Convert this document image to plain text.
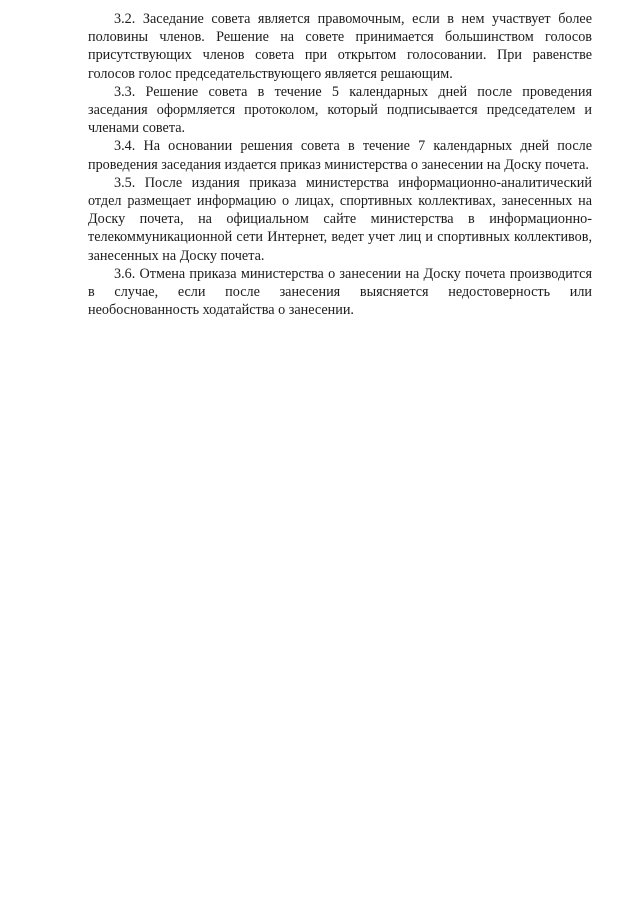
3.2. Заседание совета является правомочным, если в нем участвует более половины членов. Решение на совете принимается большинством голосов присутствующих членов совета при открытом голосовании. При равенстве голосов голос председательствующего является решающим.

3.3. Решение совета в течение 5 календарных дней после проведения заседания оформляется протоколом, который подписывается председателем и членами совета.

3.4. На основании решения совета в течение 7 календарных дней после проведения заседания издается приказ министерства о занесении на Доску почета.

3.5. После издания приказа министерства информационно-аналитический отдел размещает информацию о лицах, спортивных коллективах, занесенных на Доску почета, на официальном сайте министерства в информационно-телекоммуникационной сети Интернет, ведет учет лиц и спортивных коллективов, занесенных на Доску почета.

3.6. Отмена приказа министерства о занесении на Доску почета производится в случае, если после занесения выясняется недостоверность или необоснованность ходатайства о занесении.
